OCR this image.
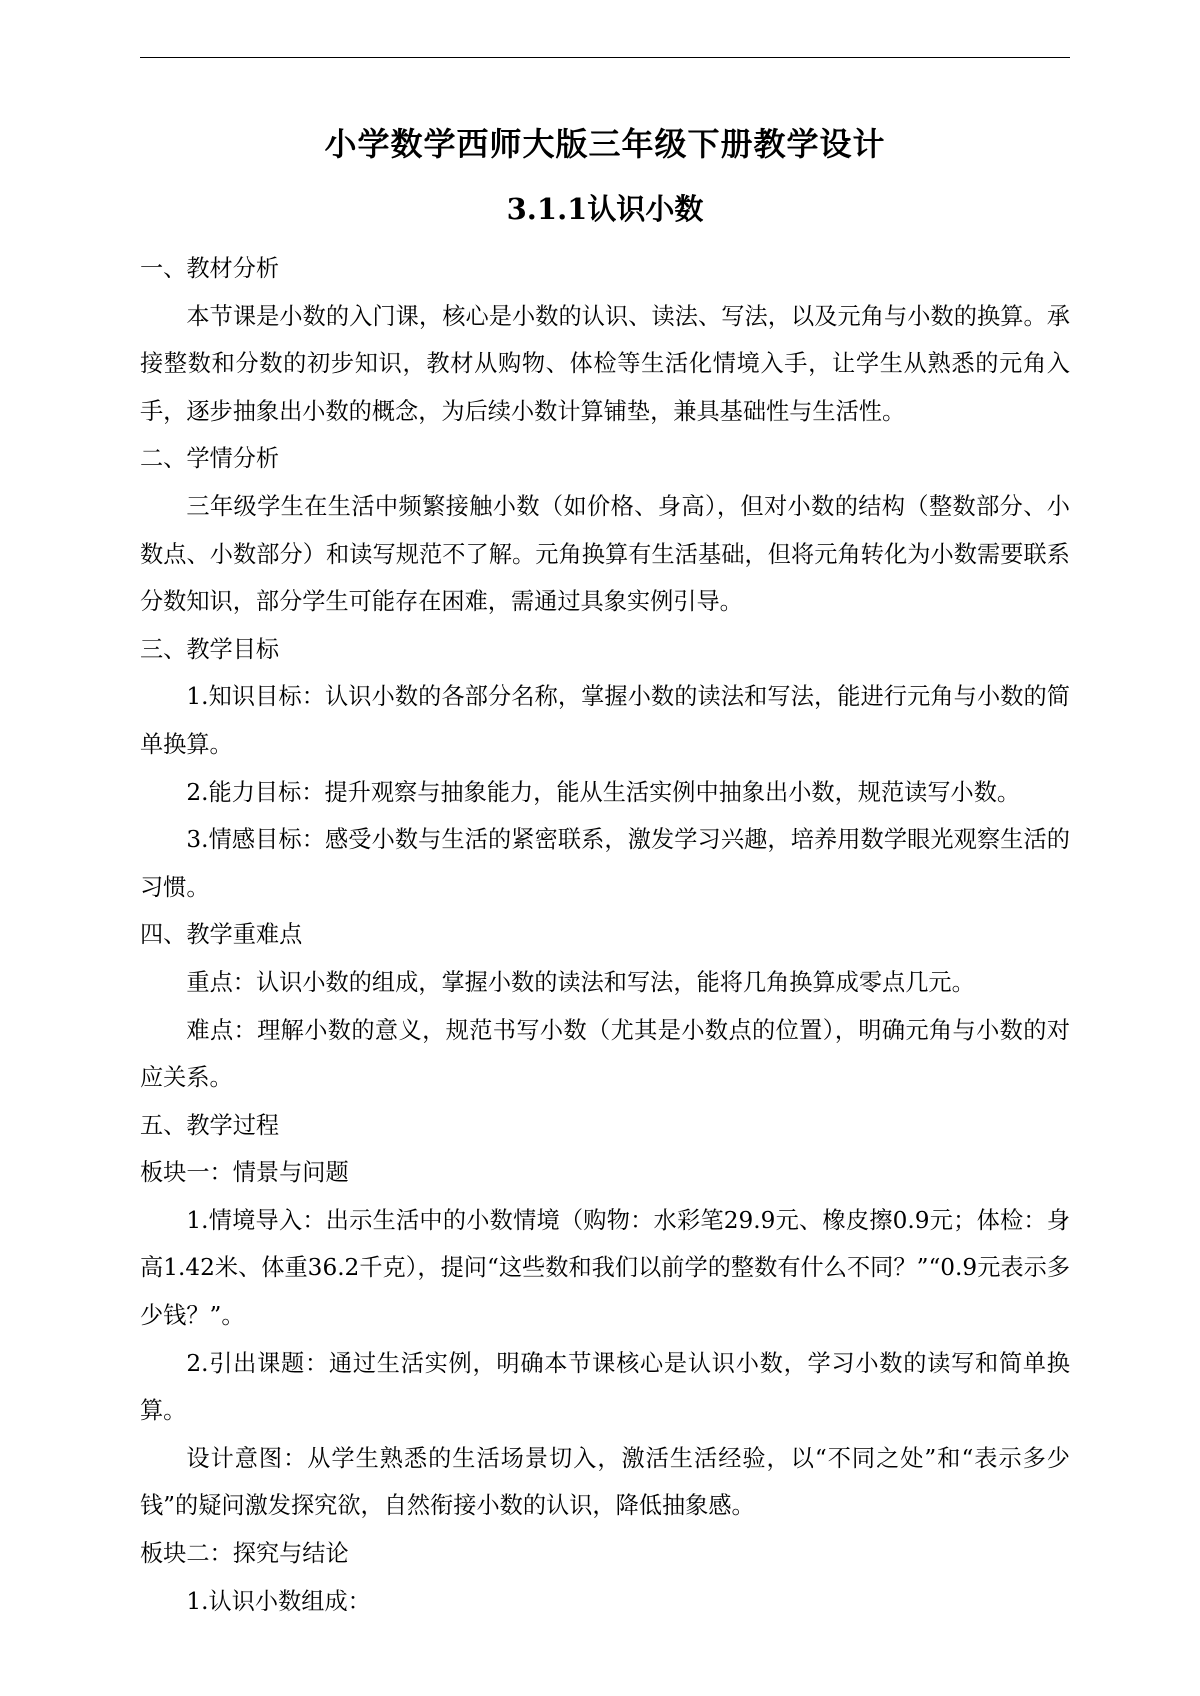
小学数学西师大版三年级下册教学设计
3.1.1认识小数

一、教材分析

本节课是小数的入门课，核心是小数的认识、读法、写法，以及元角与小数的换算。承接整数和分数的初步知识，教材从购物、体检等生活化情境入手，让学生从熟悉的元角入手，逐步抽象出小数的概念，为后续小数计算铺垫，兼具基础性与生活性。

二、学情分析

三年级学生在生活中频繁接触小数（如价格、身高），但对小数的结构（整数部分、小数点、小数部分）和读写规范不了解。元角换算有生活基础，但将元角转化为小数需要联系分数知识，部分学生可能存在困难，需通过具象实例引导。

三、教学目标

1.知识目标：认识小数的各部分名称，掌握小数的读法和写法，能进行元角与小数的简单换算。

2.能力目标：提升观察与抽象能力，能从生活实例中抽象出小数，规范读写小数。

3.情感目标：感受小数与生活的紧密联系，激发学习兴趣，培养用数学眼光观察生活的习惯。

四、教学重难点

重点：认识小数的组成，掌握小数的读法和写法，能将几角换算成零点几元。

难点：理解小数的意义，规范书写小数（尤其是小数点的位置），明确元角与小数的对应关系。

五、教学过程

板块一：情景与问题

1.情境导入：出示生活中的小数情境（购物：水彩笔29.9元、橡皮擦0.9元；体检：身高1.42米、体重36.2千克），提问“这些数和我们以前学的整数有什么不同？”“0.9元表示多少钱？”。

2.引出课题：通过生活实例，明确本节课核心是认识小数，学习小数的读写和简单换算。

设计意图：从学生熟悉的生活场景切入，激活生活经验，以“不同之处”和“表示多少钱”的疑问激发探究欲，自然衔接小数的认识，降低抽象感。

板块二：探究与结论

1.认识小数组成：
